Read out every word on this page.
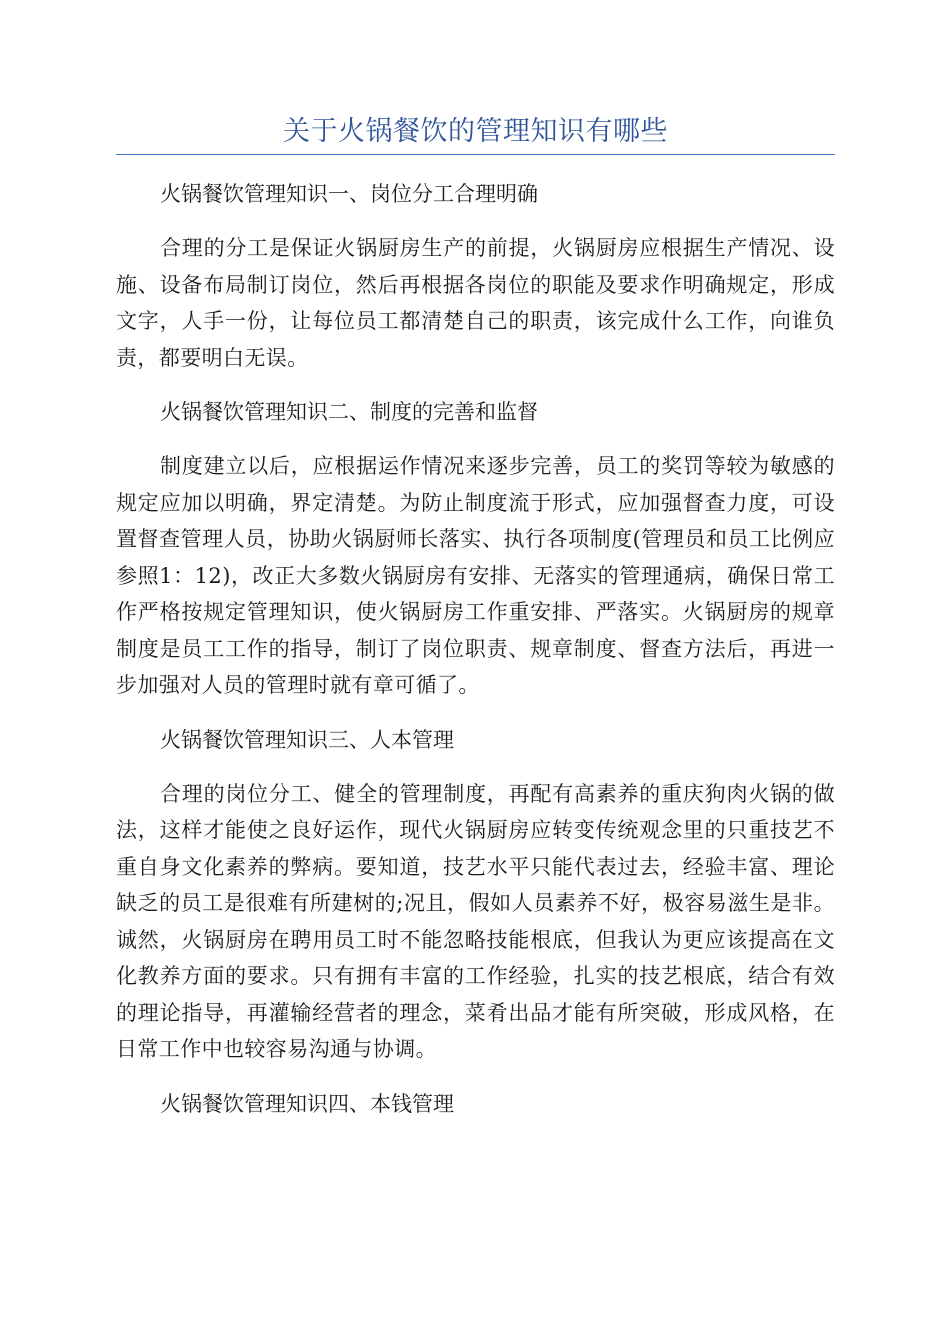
关于火锅餐饮的管理知识有哪些

火锅餐饮管理知识一、岗位分工合理明确

合理的分工是保证火锅厨房生产的前提，火锅厨房应根据生产情况、设施、设备布局制订岗位，然后再根据各岗位的职能及要求作明确规定，形成文字，人手一份，让每位员工都清楚自己的职责，该完成什么工作，向谁负责，都要明白无误。

火锅餐饮管理知识二、制度的完善和监督

制度建立以后，应根据运作情况来逐步完善，员工的奖罚等较为敏感的规定应加以明确，界定清楚。为防止制度流于形式，应加强督查力度，可设置督查管理人员，协助火锅厨师长落实、执行各项制度(管理员和员工比例应参照1：12)，改正大多数火锅厨房有安排、无落实的管理通病，确保日常工作严格按规定管理知识，使火锅厨房工作重安排、严落实。火锅厨房的规章制度是员工工作的指导，制订了岗位职责、规章制度、督查方法后，再进一步加强对人员的管理时就有章可循了。

火锅餐饮管理知识三、人本管理

合理的岗位分工、健全的管理制度，再配有高素养的重庆狗肉火锅的做法，这样才能使之良好运作，现代火锅厨房应转变传统观念里的只重技艺不重自身文化素养的弊病。要知道，技艺水平只能代表过去，经验丰富、理论缺乏的员工是很难有所建树的;况且，假如人员素养不好，极容易滋生是非。诚然，火锅厨房在聘用员工时不能忽略技能根底，但我认为更应该提高在文化教养方面的要求。只有拥有丰富的工作经验，扎实的技艺根底，结合有效的理论指导，再灌输经营者的理念，菜肴出品才能有所突破，形成风格，在日常工作中也较容易沟通与协调。

火锅餐饮管理知识四、本钱管理
